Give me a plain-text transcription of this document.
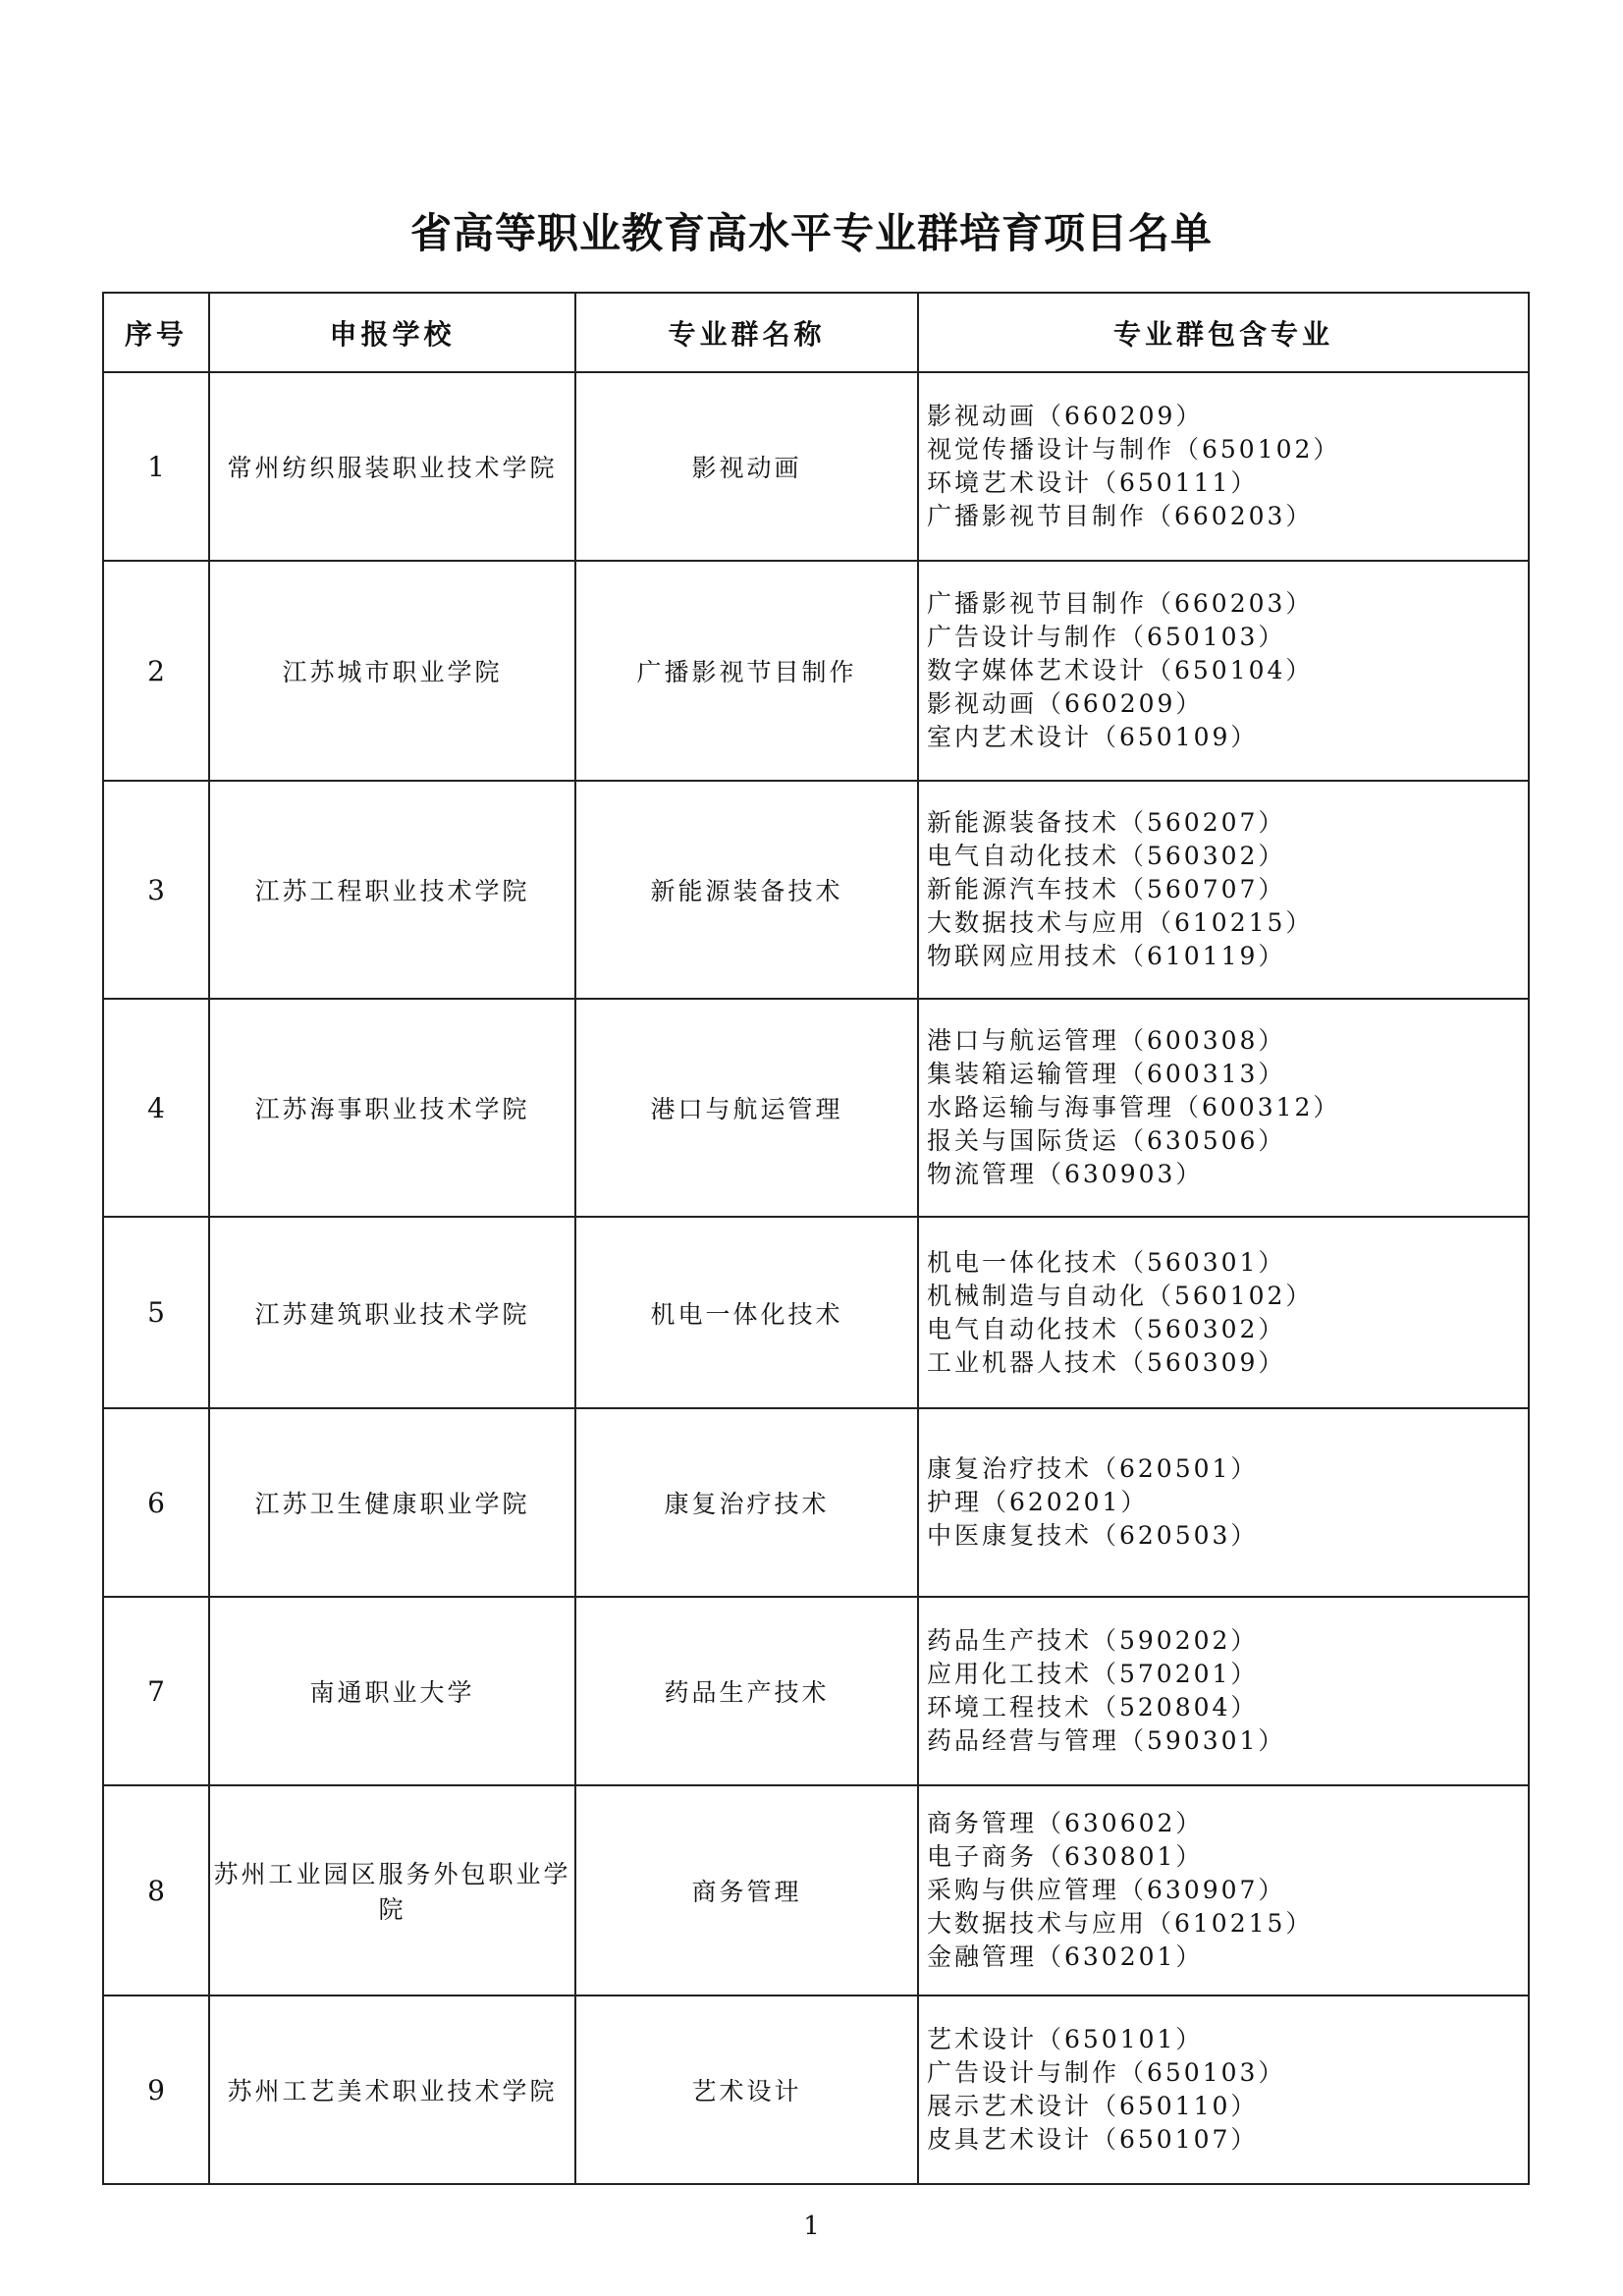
省高等职业教育高水平专业群培育项目名单
序号	申报学校	专业群名称	专业群包含专业
1	常州纺织服装职业技术学院	影视动画	影视动画（660209）
视觉传播设计与制作（650102）
环境艺术设计（650111）
广播影视节目制作（660203）

2	江苏城市职业学院	广播影视节目制作	广播影视节目制作（660203）
广告设计与制作（650103）
数字媒体艺术设计（650104）
影视动画（660209）
室内艺术设计（650109）

3	江苏工程职业技术学院	新能源装备技术	新能源装备技术（560207）
电气自动化技术（560302）
新能源汽车技术（560707）
大数据技术与应用（610215）
物联网应用技术（610119）

4	江苏海事职业技术学院	港口与航运管理	港口与航运管理（600308）
集装箱运输管理（600313）
水路运输与海事管理（600312）
报关与国际货运（630506）
物流管理（630903）

5	江苏建筑职业技术学院	机电一体化技术	机电一体化技术（560301）
机械制造与自动化（560102）
电气自动化技术（560302）
工业机器人技术（560309）

6	江苏卫生健康职业学院	康复治疗技术	康复治疗技术（620501）
护理（620201）
中医康复技术（620503）

7	南通职业大学	药品生产技术	药品生产技术（590202）
应用化工技术（570201）
环境工程技术（520804）
药品经营与管理（590301）

8	苏州工业园区服务外包职业学院	商务管理	商务管理（630602）
电子商务（630801）
采购与供应管理（630907）
大数据技术与应用（610215）
金融管理（630201）

9	苏州工艺美术职业技术学院	艺术设计	艺术设计（650101）
广告设计与制作（650103）
展示艺术设计（650110）
皮具艺术设计（650107）
1
